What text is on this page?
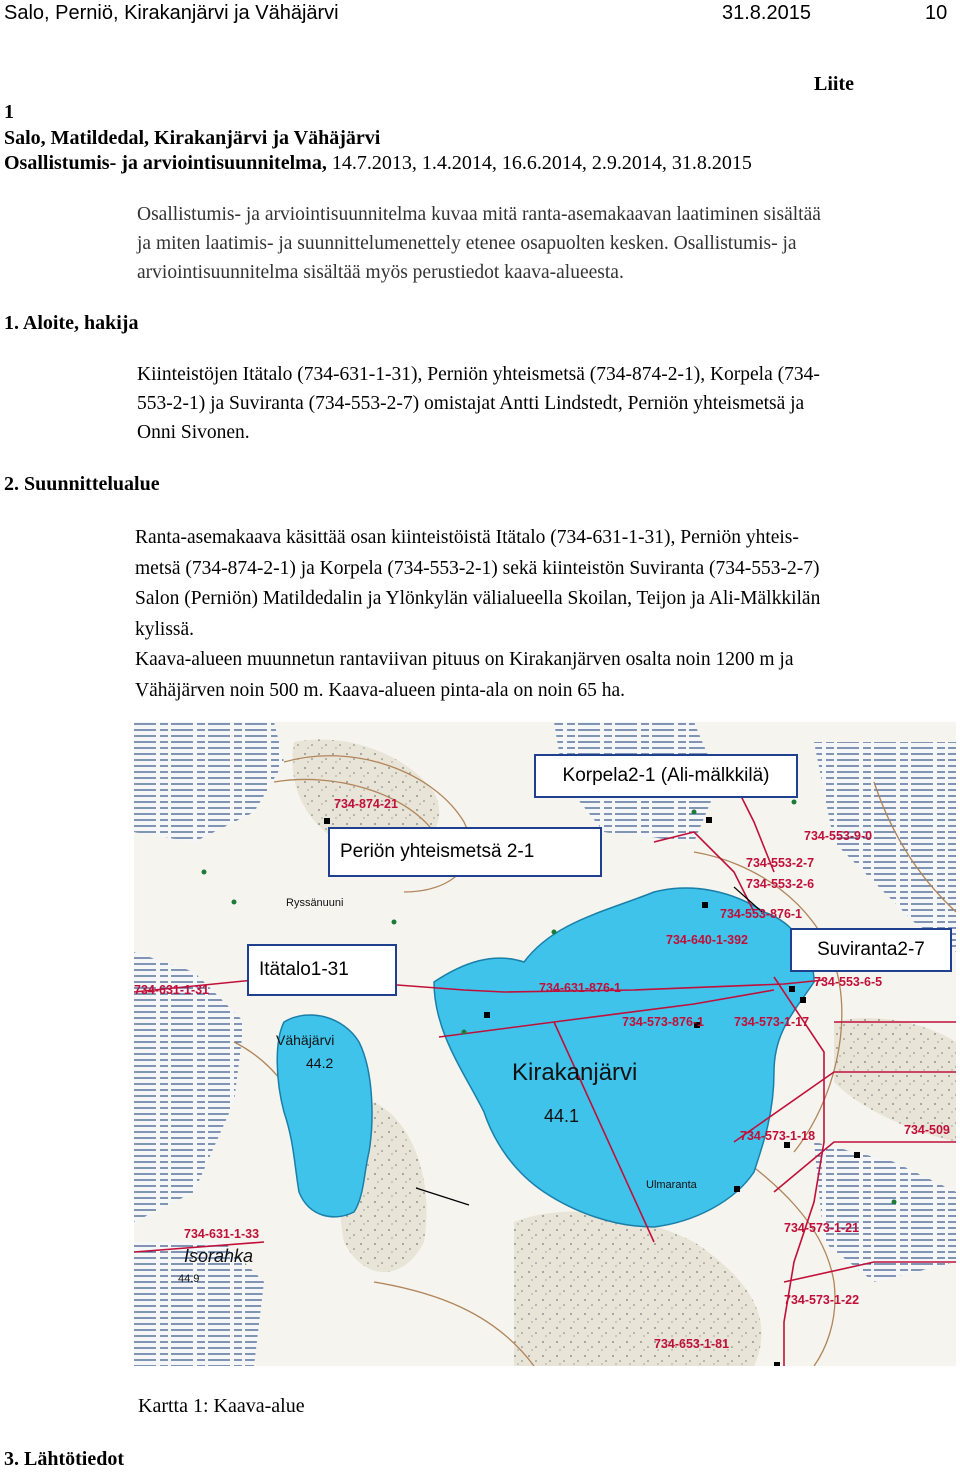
Salo, Perniö, Kirakanjärvi ja Vähäjärvi	31.8.2015	10
Liite
1
Salo, Matildedal, Kirakanjärvi ja Vähäjärvi
Osallistumis- ja arviointisuunnitelma, 14.7.2013, 1.4.2014, 16.6.2014, 2.9.2014, 31.8.2015
Osallistumis- ja arviointisuunnitelma kuvaa mitä ranta-asemakaavan laatiminen sisältää
ja miten laatimis- ja suunnittelumenettely etenee osapuolten kesken. Osallistumis- ja
arviointisuunnitelma sisältää myös perustiedot kaava-alueesta.
1. Aloite, hakija
Kiinteistöjen Itätalo (734-631-1-31), Perniön yhteismetsä (734-874-2-1), Korpela (734-
553-2-1) ja Suviranta (734-553-2-7) omistajat Antti Lindstedt, Perniön yhteismetsä ja
Onni Sivonen.
2. Suunnittelualue
Ranta-asemakaava käsittää osan kiinteistöistä Itätalo (734-631-1-31), Perniön yhteis-
metsä (734-874-2-1) ja Korpela (734-553-2-1) sekä kiinteistön Suviranta (734-553-2-7)
Salon (Perniön) Matildedalin ja Ylönkylän välialueella Skoilan, Teijon ja Ali-Mälkkilän
kylissä.
Kaava-alueen muunnetun rantaviivan pituus on Kirakanjärven osalta noin 1200 m ja
Vähäjärven noin 500 m. Kaava-alueen pinta-ala on noin 65 ha.
Kirakanjärvi
44.1
Vähäjärvi
44.2
Ryssänuuni
Ulmaranta
Isorahka
44.9
734-874-21
734-553-9-0
734-553-2-7
734-553-2-6
734-553-876-1
734-640-1-392
734-631-876-1
734-631-1-31
734-553-6-5
734-573-876-1 734-573-1-17
734-573-1-18	734-509
734-573-1-21
734-631-1-33
734-573-1-22
734-653-1-81
Korpela2-1 (Ali-mälkkilä)
Periön yhteismetsä 2-1
Itätalo1-31
Suviranta2-7
Kartta 1: Kaava-alue
3. Lähtötiedot
